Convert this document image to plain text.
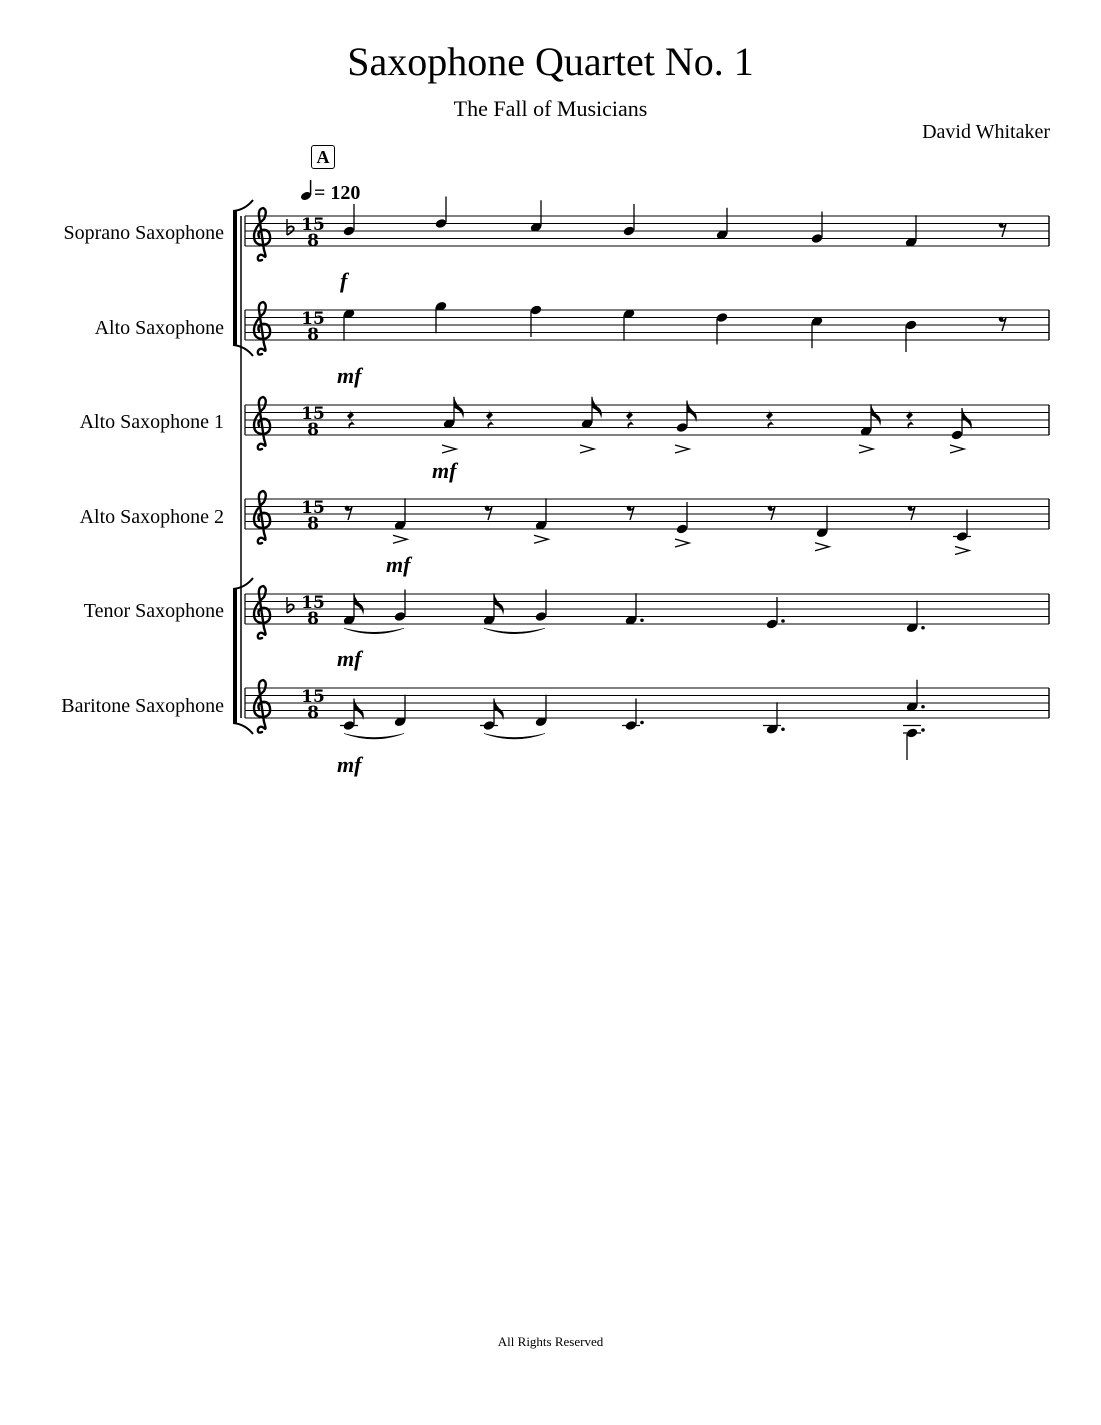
Saxophone Quartet No. 1
The Fall of Musicians
David Whitaker
A
= 120
Soprano Saxophone
Alto Saxophone
Alto Saxophone 1
Alto Saxophone 2
Tenor Saxophone
Baritone Saxophone
f
mf
mf
mf
mf
mf
15
8
15
8
15
8
15
8
15
8
15
8
All Rights Reserved
